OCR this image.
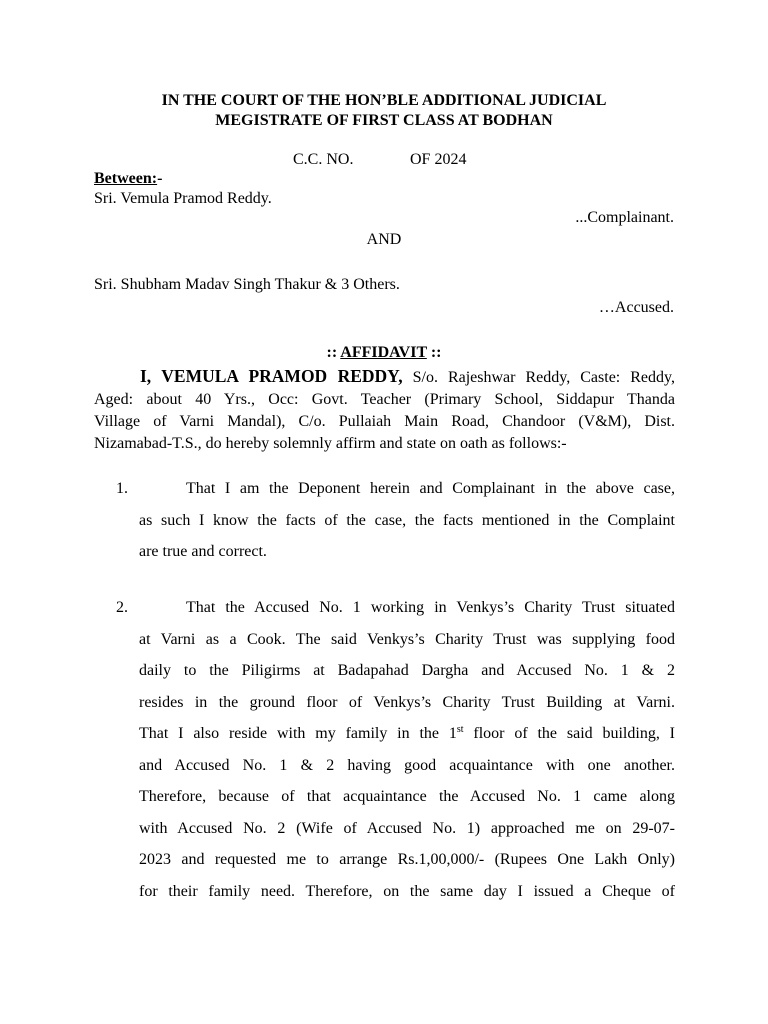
IN THE COURT OF THE HON’BLE ADDITIONAL JUDICIAL
MEGISTRATE OF FIRST CLASS AT BODHAN
C.C. NO.	OF 2024
Between:-
Sri. Vemula Pramod Reddy.
...Complainant.
AND
Sri. Shubham Madav Singh Thakur & 3 Others.
…Accused.
:: AFFIDAVIT ::
I, VEMULA PRAMOD REDDY, S/o. Rajeshwar Reddy, Caste: Reddy,
Aged: about 40 Yrs., Occ: Govt. Teacher (Primary School, Siddapur Thanda
Village of Varni Mandal), C/o. Pullaiah Main Road, Chandoor (V&M), Dist.
Nizamabad-T.S., do hereby solemnly affirm and state on oath as follows:-
1.	That I am the Deponent herein and Complainant in the above case,
as such I know the facts of the case, the facts mentioned in the Complaint
are true and correct.
2.	That the Accused No. 1 working in Venkys’s Charity Trust situated
at Varni as a Cook. The said Venkys’s Charity Trust was supplying food
daily to the Piligirms at Badapahad Dargha and Accused No. 1 & 2
resides in the ground floor of Venkys’s Charity Trust Building at Varni.
That I also reside with my family in the 1st floor of the said building, I
and Accused No. 1 & 2 having good acquaintance with one another.
Therefore, because of that acquaintance the Accused No. 1 came along
with Accused No. 2 (Wife of Accused No. 1) approached me on 29-07-
2023 and requested me to arrange Rs.1,00,000/- (Rupees One Lakh Only)
for their family need. Therefore, on the same day I issued a Cheque of
